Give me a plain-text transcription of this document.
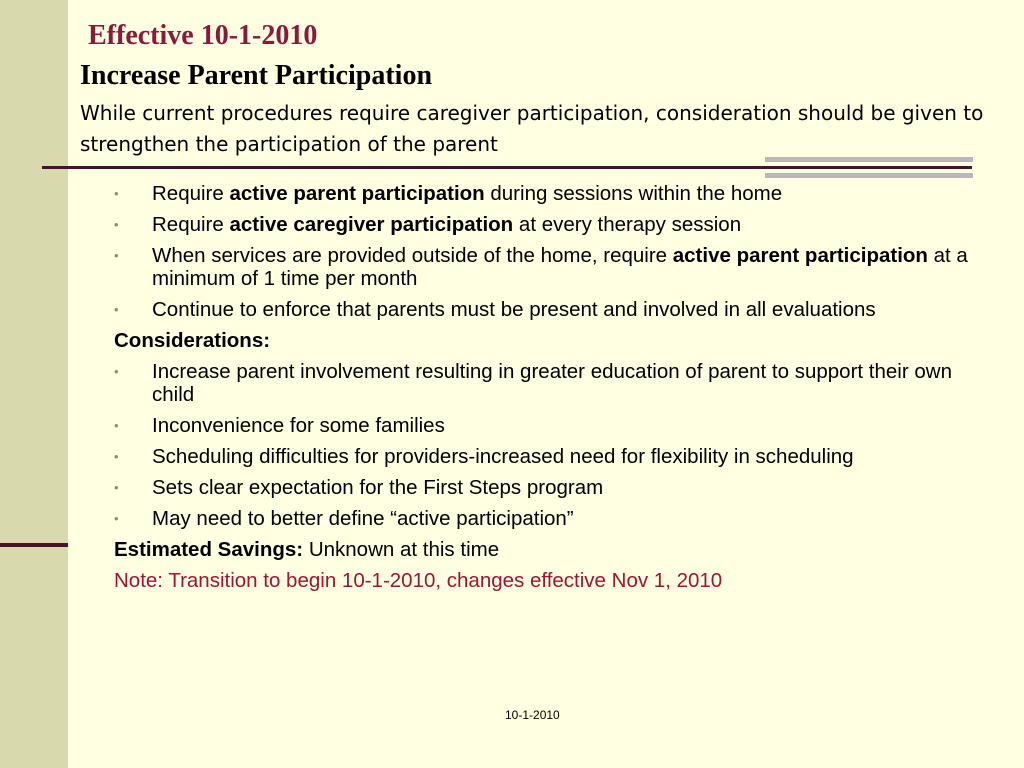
Effective 10-1-2010
Increase Parent Participation
While current procedures require caregiver participation, consideration should be given to strengthen the participation of the parent
• Require active parent participation during sessions within the home
• Require active caregiver participation at every therapy session
• When services are provided outside of the home, require active parent participation at a minimum of 1 time per month
• Continue to enforce that parents must be present and involved in all evaluations
Considerations:
• Increase parent involvement resulting in greater education of parent to support their own child
• Inconvenience for some families
• Scheduling difficulties for providers-increased need for flexibility in scheduling
• Sets clear expectation for the First Steps program
• May need to better define “active participation”
Estimated Savings: Unknown at this time
Note: Transition to begin 10-1-2010, changes effective Nov 1, 2010
10-1-2010
